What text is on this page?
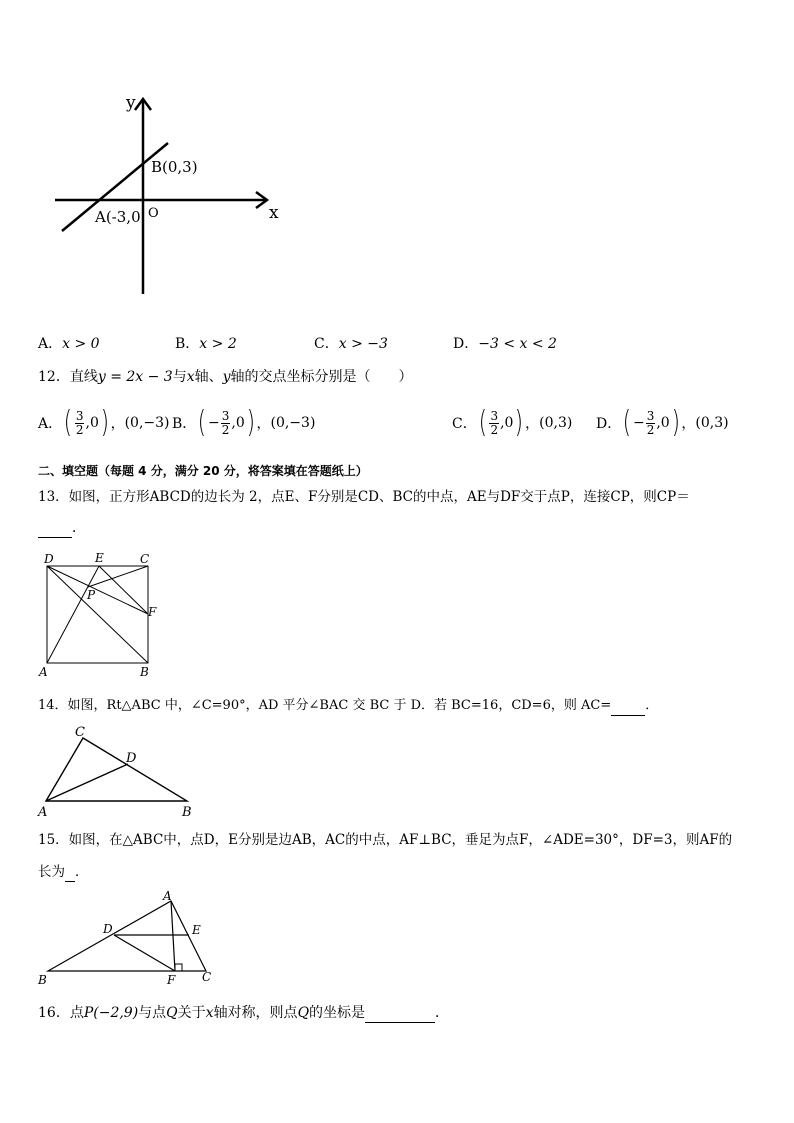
y
x
B(0,3)
A(-3,0 O
A．x > 0	B．x > 2	C．x > −3	D．−3 < x < 2
12．直线y = 2x − 3与x轴、y轴的交点坐标分别是（　　）
A． ( $\frac{3}{2}$ , 0 ) ， (0,−3) B． ( − $\frac{3}{2}$ , 0 ) ， (0,−3)	C． ( $\frac{3}{2}$ , 0 ) ， (0,3) D． ( − $\frac{3}{2}$ , 0 ) ， (0,3)
二、填空题（每题 4 分，满分 20 分，将答案填在答题纸上）
13．如图，正方形ABCD的边长为 2，点E、F分别是CD、BC的中点，AE与DF交于点P，连接CP，则CP＝
．
D	E	C
P
F
A	B
14．如图，Rt△ABC 中，∠C=90°，AD 平分∠BAC 交 BC 于 D．若 BC=16，CD=6，则 AC=	．
C
D
A	B
15．如图，在△ABC中，点D，E分别是边AB，AC的中点，AF⊥BC，垂足为点F，∠ADE=30°，DF=3，则AF的
长为 ．
A
D	E
B	F C
16．点P(−2,9)与点Q关于x轴对称，则点Q的坐标是	．
